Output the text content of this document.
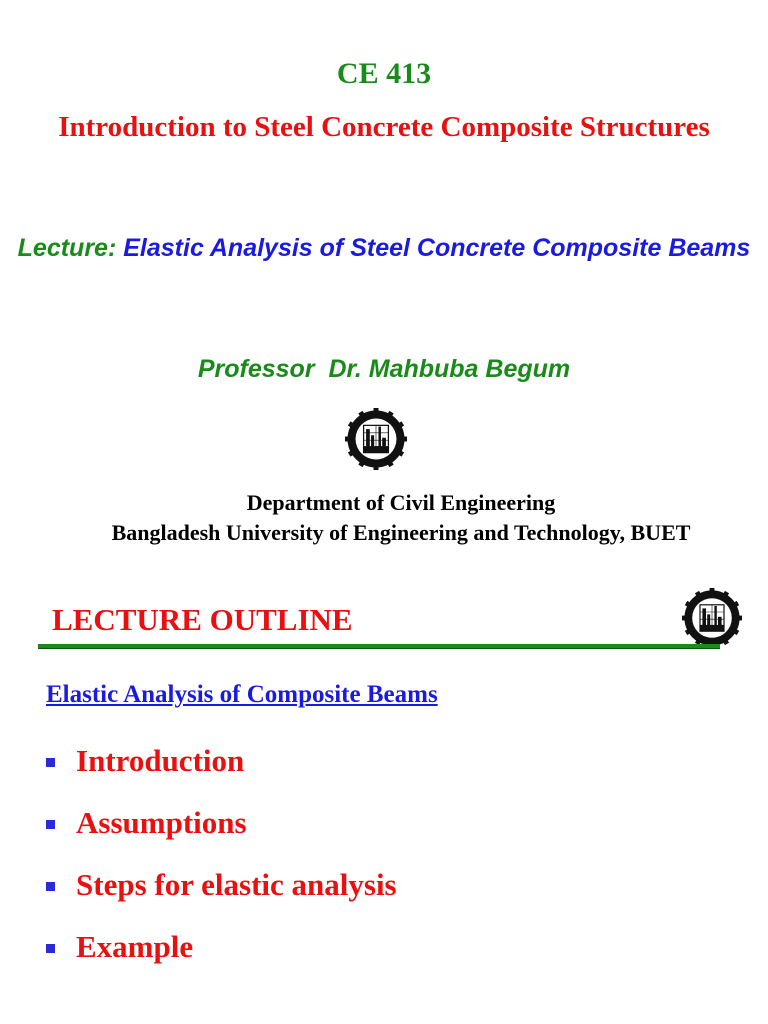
CE 413
Introduction to Steel Concrete Composite Structures
Lecture: Elastic Analysis of Steel Concrete Composite Beams
Professor  Dr. Mahbuba Begum
Department of Civil Engineering
Bangladesh University of Engineering and Technology, BUET
LECTURE OUTLINE
Elastic Analysis of Composite Beams
Introduction
Assumptions
Steps for elastic analysis
Example
